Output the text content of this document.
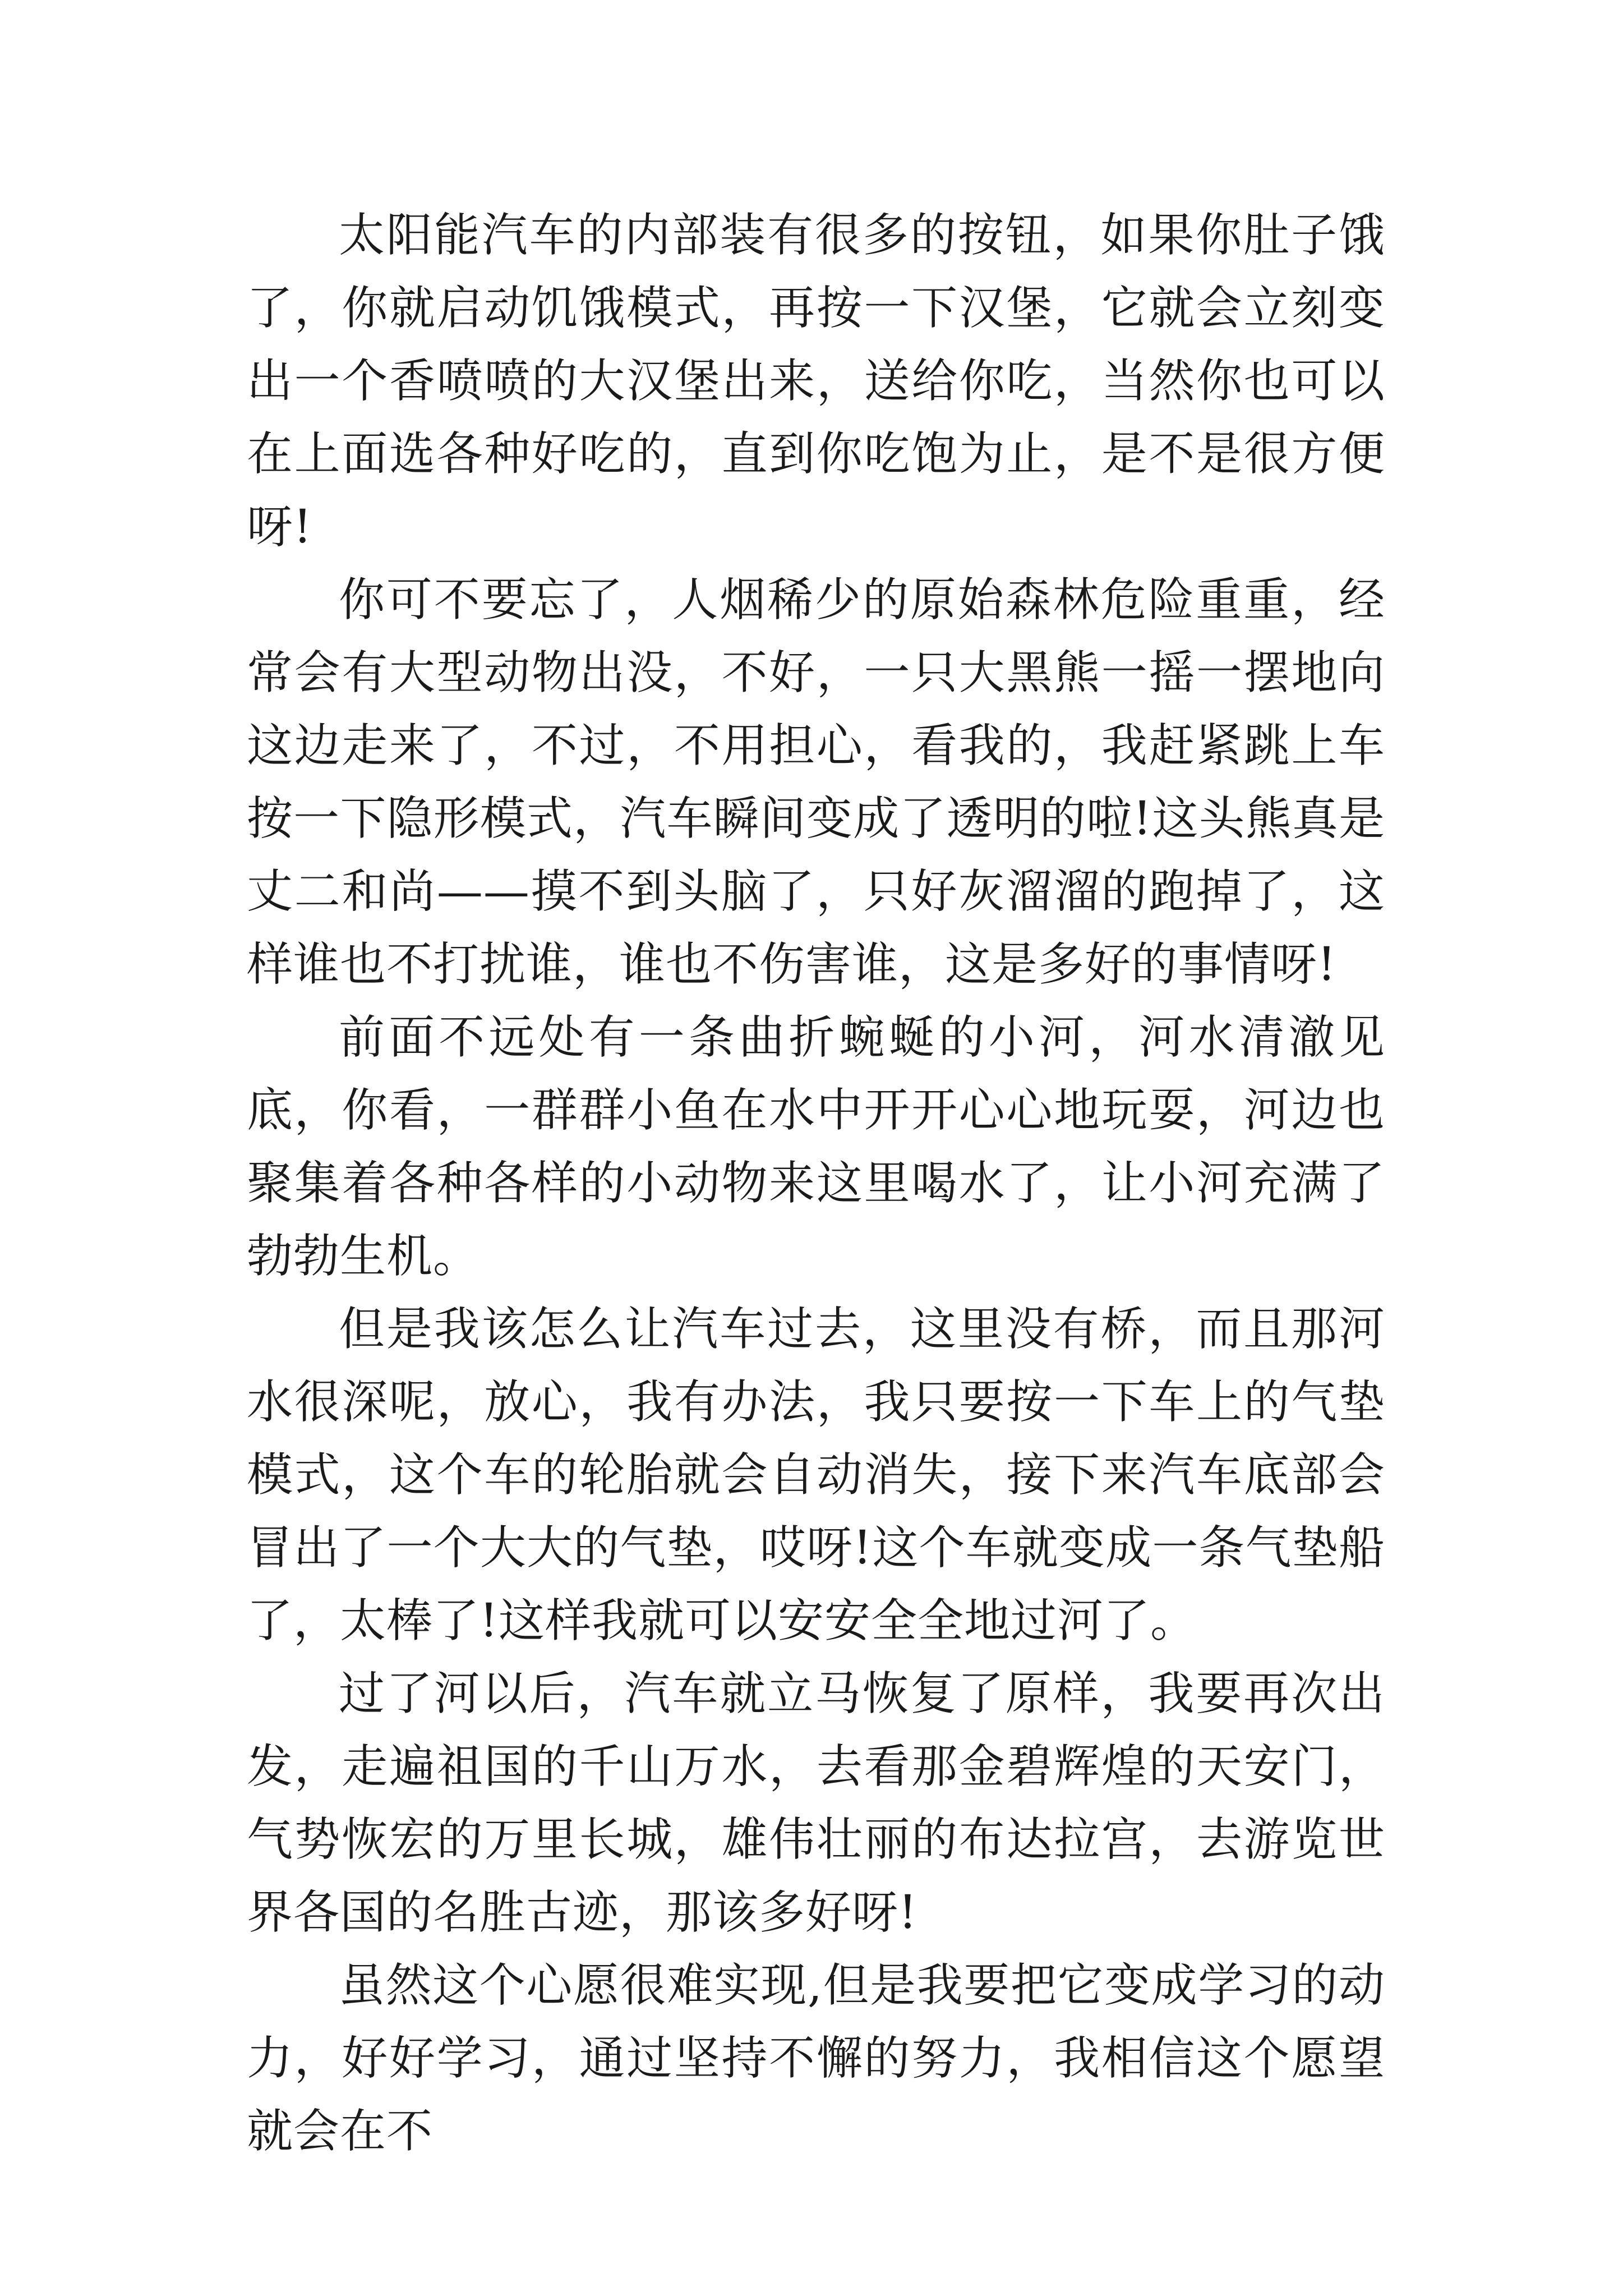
太阳能汽车的内部装有很多的按钮，如果你肚子饿了，你就启动饥饿模式，再按一下汉堡，它就会立刻变出一个香喷喷的大汉堡出来，送给你吃，当然你也可以在上面选各种好吃的，直到你吃饱为止，是不是很方便呀!

你可不要忘了，人烟稀少的原始森林危险重重，经常会有大型动物出没，不好，一只大黑熊一摇一摆地向这边走来了，不过，不用担心，看我的，我赶紧跳上车按一下隐形模式，汽车瞬间变成了透明的啦!这头熊真是丈二和尚——摸不到头脑了，只好灰溜溜的跑掉了，这样谁也不打扰谁，谁也不伤害谁，这是多好的事情呀!

前面不远处有一条曲折蜿蜒的小河，河水清澈见底，你看，一群群小鱼在水中开开心心地玩耍，河边也聚集着各种各样的小动物来这里喝水了，让小河充满了勃勃生机。

但是我该怎么让汽车过去，这里没有桥，而且那河水很深呢，放心，我有办法，我只要按一下车上的气垫模式，这个车的轮胎就会自动消失，接下来汽车底部会冒出了一个大大的气垫，哎呀!这个车就变成一条气垫船了，太棒了!这样我就可以安安全全地过河了。

过了河以后，汽车就立马恢复了原样，我要再次出发，走遍祖国的千山万水，去看那金碧辉煌的天安门，气势恢宏的万里长城，雄伟壮丽的布达拉宫，去游览世界各国的名胜古迹，那该多好呀!

虽然这个心愿很难实现,但是我要把它变成学习的动力，好好学习，通过坚持不懈的努力，我相信这个愿望就会在不
